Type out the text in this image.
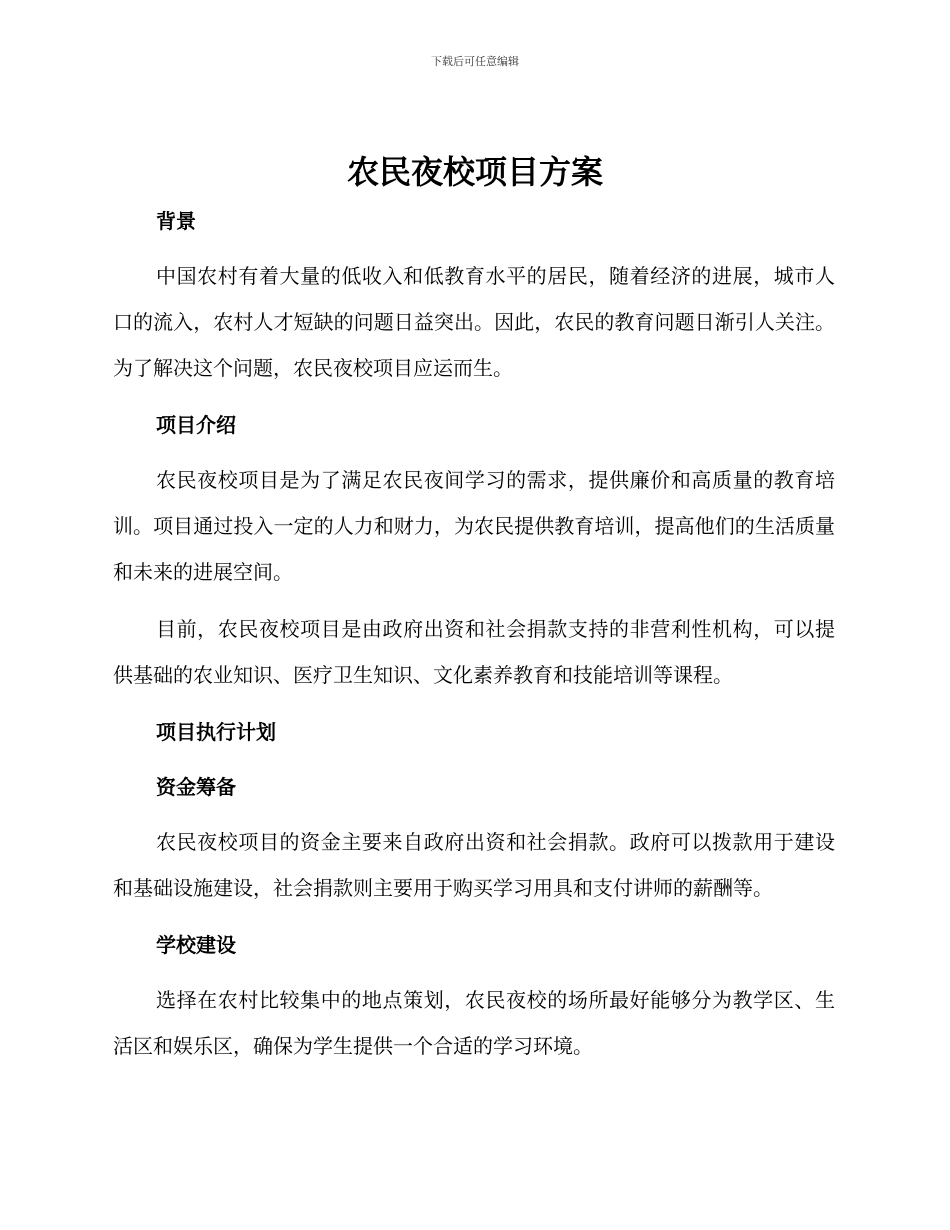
下载后可任意编辑
农民夜校项目方案
背景

中国农村有着大量的低收入和低教育水平的居民，随着经济的进展，城市人口的流入，农村人才短缺的问题日益突出。因此，农民的教育问题日渐引人关注。为了解决这个问题，农民夜校项目应运而生。

项目介绍

农民夜校项目是为了满足农民夜间学习的需求，提供廉价和高质量的教育培训。项目通过投入一定的人力和财力，为农民提供教育培训，提高他们的生活质量和未来的进展空间。

目前，农民夜校项目是由政府出资和社会捐款支持的非营利性机构，可以提供基础的农业知识、医疗卫生知识、文化素养教育和技能培训等课程。

项目执行计划
资金筹备

农民夜校项目的资金主要来自政府出资和社会捐款。政府可以拨款用于建设和基础设施建设，社会捐款则主要用于购买学习用具和支付讲师的薪酬等。

学校建设

选择在农村比较集中的地点策划，农民夜校的场所最好能够分为教学区、生活区和娱乐区，确保为学生提供一个合适的学习环境。
